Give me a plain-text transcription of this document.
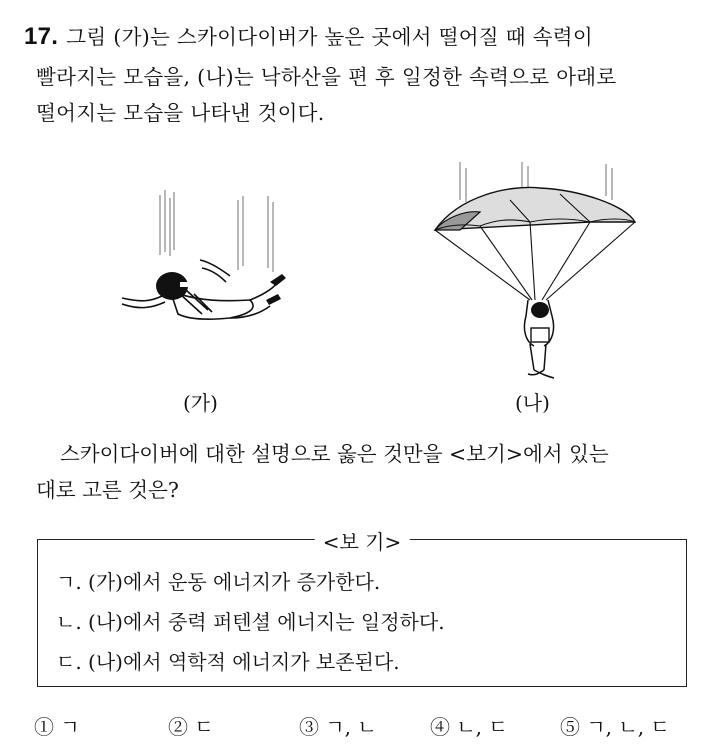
17. 그림 (가)는 스카이다이버가 높은 곳에서 떨어질 때 속력이
빨라지는 모습을, (나)는 낙하산을 편 후 일정한 속력으로 아래로
떨어지는 모습을 나타낸 것이다.
(가)	(나)
스카이다이버에 대한 설명으로 옳은 것만을 <보기>에서 있는
대로 고른 것은?
<보 기>
ㄱ. (가)에서 운동 에너지가 증가한다.
ㄴ. (나)에서 중력 퍼텐셜 에너지는 일정하다.
ㄷ. (나)에서 역학적 에너지가 보존된다.
① ㄱ	② ㄷ	③ ㄱ, ㄴ	④ ㄴ, ㄷ	⑤ ㄱ, ㄴ, ㄷ
